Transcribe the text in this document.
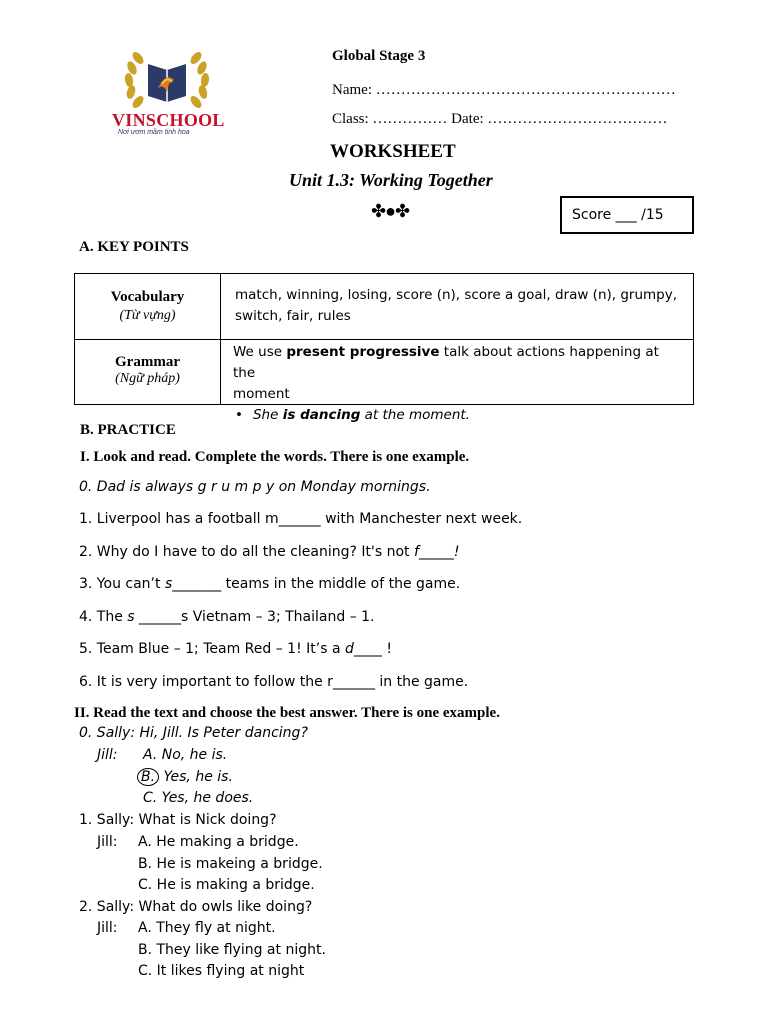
VINSCHOOL
Nơi ươm mầm tinh hoa
Global Stage 3
Name: ……………………………………………………
Class: …………… Date: ………………………………
WORKSHEET
Unit 1.3: Working Together
✤●✤	Score ___ /15
A. KEY POINTS
Vocabulary
(Từ vựng)
match, winning, losing, score (n), score a goal, draw (n), grumpy,
switch, fair, rules
Grammar
(Ngữ pháp)
We use present progressive talk about actions happening at the
moment
• She is dancing at the moment.
B. PRACTICE
I. Look and read. Complete the words. There is one example.
0. Dad is always g r u m p y on Monday mornings.
1. Liverpool has a football m______ with Manchester next week.
2. Why do I have to do all the cleaning? It's not f_____!
3. You can’t s_______ teams in the middle of the game.
4. The s ______s Vietnam – 3; Thailand – 1.
5. Team Blue – 1; Team Red – 1! It’s a d____ !
6. It is very important to follow the r______ in the game.
II. Read the text and choose the best answer. There is one example.
0. Sally: Hi, Jill. Is Peter dancing?
Jill: A. No, he is.
B. Yes, he is.
C. Yes, he does.
1. Sally: What is Nick doing?
Jill: A. He making a bridge.
B. He is makeing a bridge.
C. He is making a bridge.
2. Sally: What do owls like doing?
Jill: A. They fly at night.
B. They like flying at night.
C. It likes flying at night
